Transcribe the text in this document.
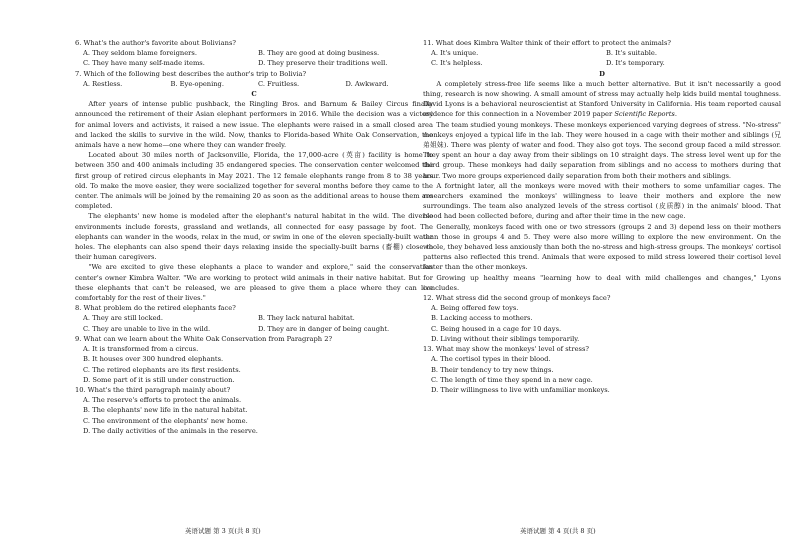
6. What's the author's favorite about Bolivians?
A. They seldom blame foreigners.	B. They are good at doing business.
C. They have many self-made items.	D. They preserve their traditions well.
7. Which of the following best describes the author's trip to Bolivia?
A. Restless.	B. Eye-opening.	C. Fruitless.	D. Awkward.
C

After years of intense public pushback, the Ringling Bros. and Barnum & Bailey Circus finally announced the retirement of their Asian elephant performers in 2016. While the decision was a victory for animal lovers and activists, it raised a new issue. The elephants were raised in a small closed area and lacked the skills to survive in the wild. Now, thanks to Florida-based White Oak Conservation, the animals have a new home—one where they can wander freely.

Located about 30 miles north of Jacksonville, Florida, the 17,000-acre (英亩) facility is home to between 350 and 400 animals including 35 endangered species. The conservation center welcomed the first group of retired circus elephants in May 2021. The 12 female elephants range from 8 to 38 years old. To make the move easier, they were socialized together for several months before they came to the center. The animals will be joined by the remaining 20 as soon as the additional areas to house them are completed.

The elephants' new home is modeled after the elephant's natural habitat in the wild. The diverse environments include forests, grassland and wetlands, all connected for easy passage by foot. The elephants can wander in the woods, relax in the mud, or swim in one of the eleven specially-built water holes. The elephants can also spend their days relaxing inside the specially-built barns (畜棚) close to their human caregivers.

"We are excited to give these elephants a place to wander and explore," said the conservation center's owner Kimbra Walter. "We are working to protect wild animals in their native habitat. But for these elephants that can't be released, we are pleased to give them a place where they can live comfortably for the rest of their lives."

8. What problem do the retired elephants face?
A. They are still locked.	B. They lack natural habitat.
C. They are unable to live in the wild.	D. They are in danger of being caught.
9. What can we learn about the White Oak Conservation from Paragraph 2?
A. It is transformed from a circus.
B. It houses over 300 hundred elephants.
C. The retired elephants are its first residents.
D. Some part of it is still under construction.
10. What's the third paragraph mainly about?
A. The reserve's efforts to protect the animals.
B. The elephants' new life in the natural habitat.
C. The environment of the elephants' new home.
D. The daily activities of the animals in the reserve.
英语试题 第 3 页(共 8 页)
11. What does Kimbra Walter think of their effort to protect the animals?
A. It's unique.	B. It's suitable.
C. It's helpless.	D. It's temporary.
D

A completely stress-free life seems like a much better alternative. But it isn't necessarily a good thing, research is now showing. A small amount of stress may actually help kids build mental toughness. David Lyons is a behavioral neuroscientist at Stanford University in California. His team reported causal evidence for this connection in a November 2019 paper Scientific Reports.

The team studied young monkeys. These monkeys experienced varying degrees of stress. "No-stress" monkeys enjoyed a typical life in the lab. They were housed in a cage with their mother and siblings (兄弟姐妹). There was plenty of water and food. They also got toys. The second group faced a mild stressor. They spent an hour a day away from their siblings on 10 straight days. The stress level went up for the third group. These monkeys had daily separation from siblings and no access to mothers during that hour. Two more groups experienced daily separation from both their mothers and siblings.

A fortnight later, all the monkeys were moved with their mothers to some unfamiliar cages. The researchers examined the monkeys' willingness to leave their mothers and explore the new surroundings. The team also analyzed levels of the stress cortisol (皮质醇) in the animals' blood. That blood had been collected before, during and after their time in the new cage.

Generally, monkeys faced with one or two stressors (groups 2 and 3) depend less on their mothers than those in groups 4 and 5. They were also more willing to explore the new environment. On the whole, they behaved less anxiously than both the no-stress and high-stress groups. The monkeys' cortisol patterns also reflected this trend. Animals that were exposed to mild stress lowered their cortisol level faster than the other monkeys.

Growing up healthy means "learning how to deal with mild challenges and changes," Lyons concludes.

12. What stress did the second group of monkeys face?
A. Being offered few toys.
B. Lacking access to mothers.
C. Being housed in a cage for 10 days.
D. Living without their siblings temporarily.
13. What may show the monkeys' level of stress?
A. The cortisol types in their blood.
B. Their tendency to try new things.
C. The length of time they spend in a new cage.
D. Their willingness to live with unfamiliar monkeys.
英语试题 第 4 页(共 8 页)
